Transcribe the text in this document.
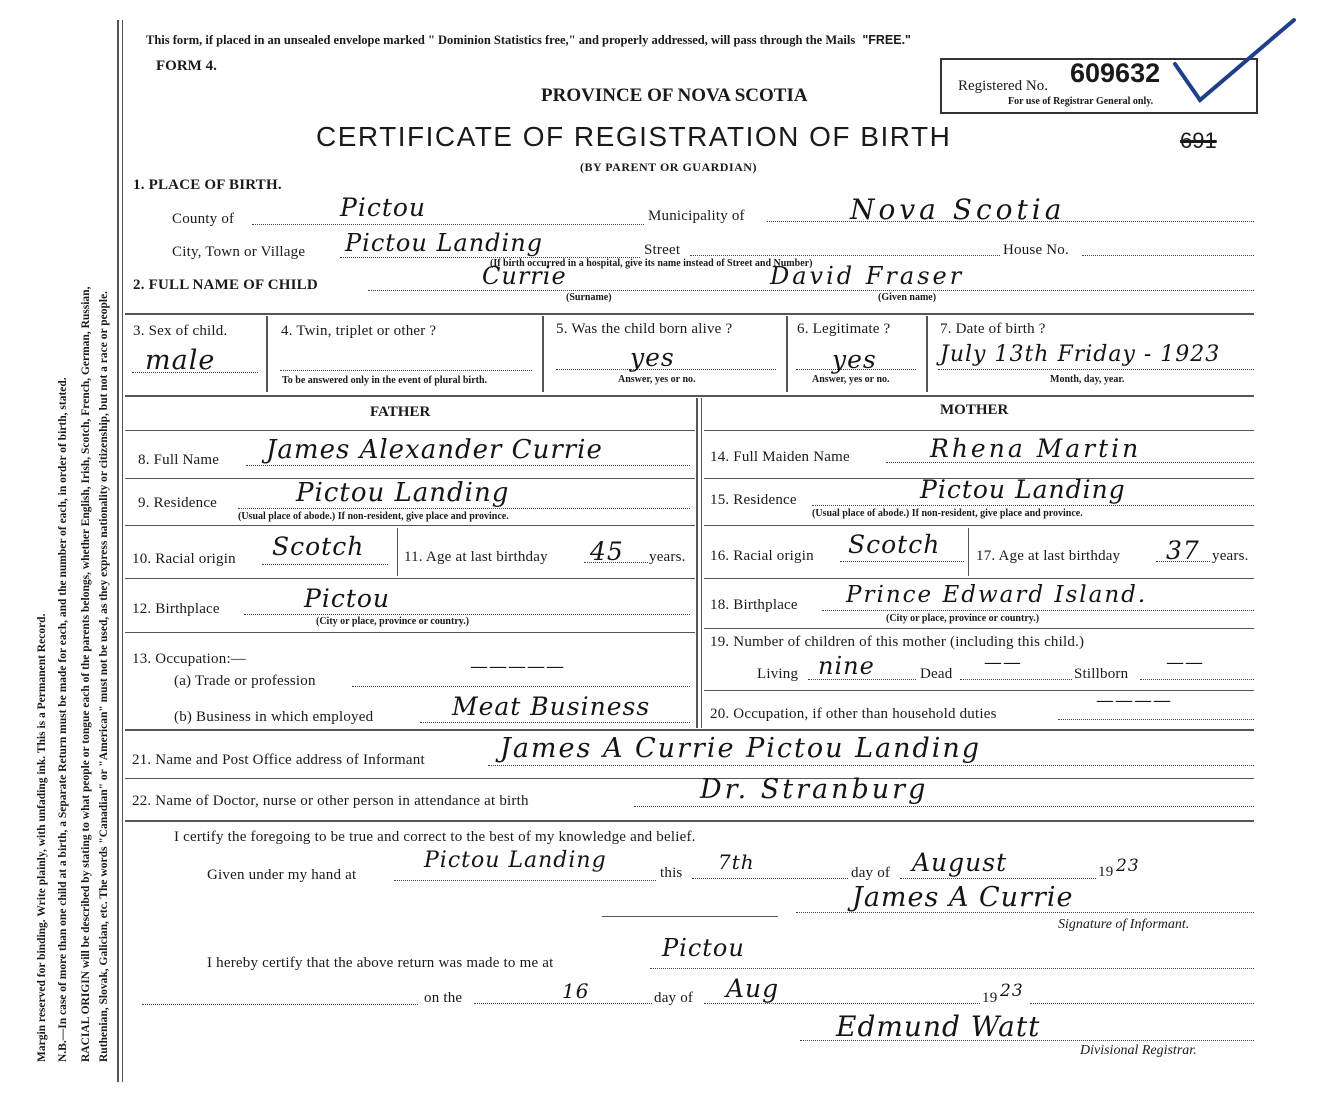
Margin reserved for binding. Write plainly, with unfading ink. This is a Permanent Record. N.B.—In case of more than one child at a birth, a Separate Return must be made for each, and the number of each, in order of birth, stated. RACIAL ORIGIN will be described by stating to what people or tongue each of the parents belongs, whether English, Irish, Scotch, French, German, Russian, Ruthenian, Slovak, Galician, etc. The words "Canadian" or "American" must not be used, as they express nationality or citizenship, but not a race or people.
This form, if placed in an unsealed envelope marked " Dominion Statistics free," and properly addressed, will pass through the Mails "FREE."
FORM 4.
PROVINCE OF NOVA SCOTIA
CERTIFICATE OF REGISTRATION OF BIRTH
(BY PARENT OR GUARDIAN)
Registered No. 609632
For use of Registrar General only.
691
1. PLACE OF BIRTH.
County of	Pictou	Municipality of	Nova Scotia
City, Town or Village Pictou Landing	Street	House No.
(If birth occurred in a hospital, give its name instead of Street and Number)
2. FULL NAME OF CHILD	Currie	David Fraser
(Surname)	(Given name)
3. Sex of child.
male
4. Twin, triplet or other ?
To be answered only in the event of plural birth.
5. Was the child born alive ?
yes
Answer, yes or no.
6. Legitimate ?
yes
Answer, yes or no.
7. Date of birth ?
July 13th Friday - 1923
Month, day, year.
FATHER
8. Full Name James Alexander Currie
9. Residence	Pictou Landing
(Usual place of abode.) If non-resident, give place and province.
10. Racial origin Scotch	11. Age at last birthday 45 years.
12. Birthplace	Pictou
(City or place, province or country.)
13. Occupation:—
(a) Trade or profession
—————
(b) Business in which employed	Meat Business
MOTHER
14. Full Maiden Name	Rhena Martin
15. Residence	Pictou Landing
(Usual place of abode.) If non-resident, give place and province.
16. Racial origin Scotch 17. Age at last birthday 37 years.
18. Birthplace Prince Edward Island.
(City or place, province or country.)
19. Number of children of this mother (including this child.)
Living nine	Dead
——
Stillborn
——
20. Occupation, if other than household duties
————
21. Name and Post Office address of Informant	James A Currie Pictou Landing
22. Name of Doctor, nurse or other person in attendance at birth	Dr. Stranburg
I certify the foregoing to be true and correct to the best of my knowledge and belief.
Given under my hand at
Pictou Landing	this 7th	day of August	19 23
James A Currie
Signature of Informant.
I hereby certify that the above return was made to me at
Pictou
on the	16	day of Aug	19 23
Edmund Watt
Divisional Registrar.
